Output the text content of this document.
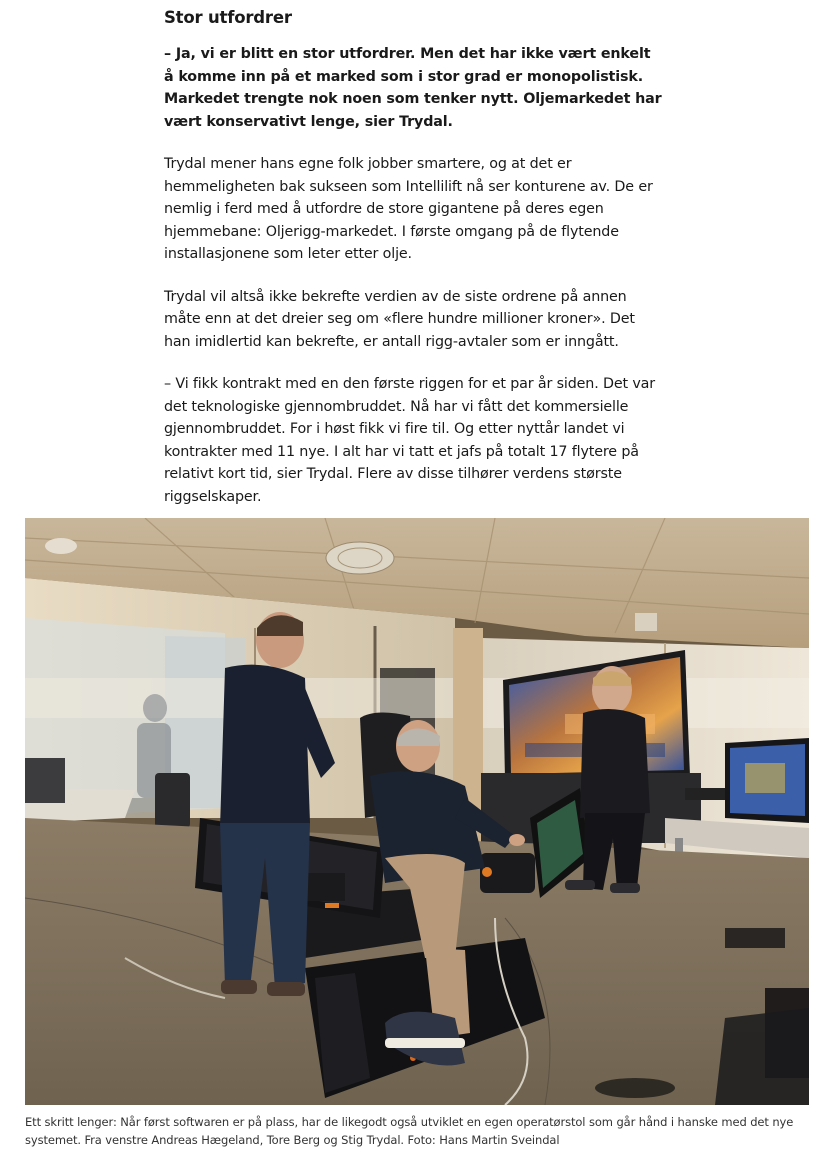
Stor utfordrer

– Ja, vi er blitt en stor utfordrer. Men det har ikke vært enkelt å komme inn på et marked som i stor grad er monopolistisk. Markedet trengte nok noen som tenker nytt. Oljemarkedet har vært konservativt lenge, sier Trydal.

Trydal mener hans egne folk jobber smartere, og at det er hemmeligheten bak sukseen som Intellilift nå ser konturene av. De er nemlig i ferd med å utfordre de store gigantene på deres egen hjemmebane: Oljerigg-markedet. I første omgang på de flytende installasjonene som leter etter olje.

Trydal vil altså ikke bekrefte verdien av de siste ordrene på annen måte enn at det dreier seg om «flere hundre millioner kroner». Det han imidlertid kan bekrefte, er antall rigg-avtaler som er inngått.

– Vi fikk kontrakt med en den første riggen for et par år siden. Det var det teknologiske gjennombruddet. Nå har vi fått det kommersielle gjennombruddet. For i høst fikk vi fire til. Og etter nyttår landet vi kontrakter med 11 nye. I alt har vi tatt et jafs på totalt 17 flytere på relativt kort tid, sier Trydal. Flere av disse tilhører verdens største riggselskaper.

Ett skritt lenger: Når først softwaren er på plass, har de likegodt også utviklet en egen operatørstol som går hånd i hanske med det nye systemet. Fra venstre Andreas Hægeland, Tore Berg og Stig Trydal. Foto: Hans Martin Sveindal
